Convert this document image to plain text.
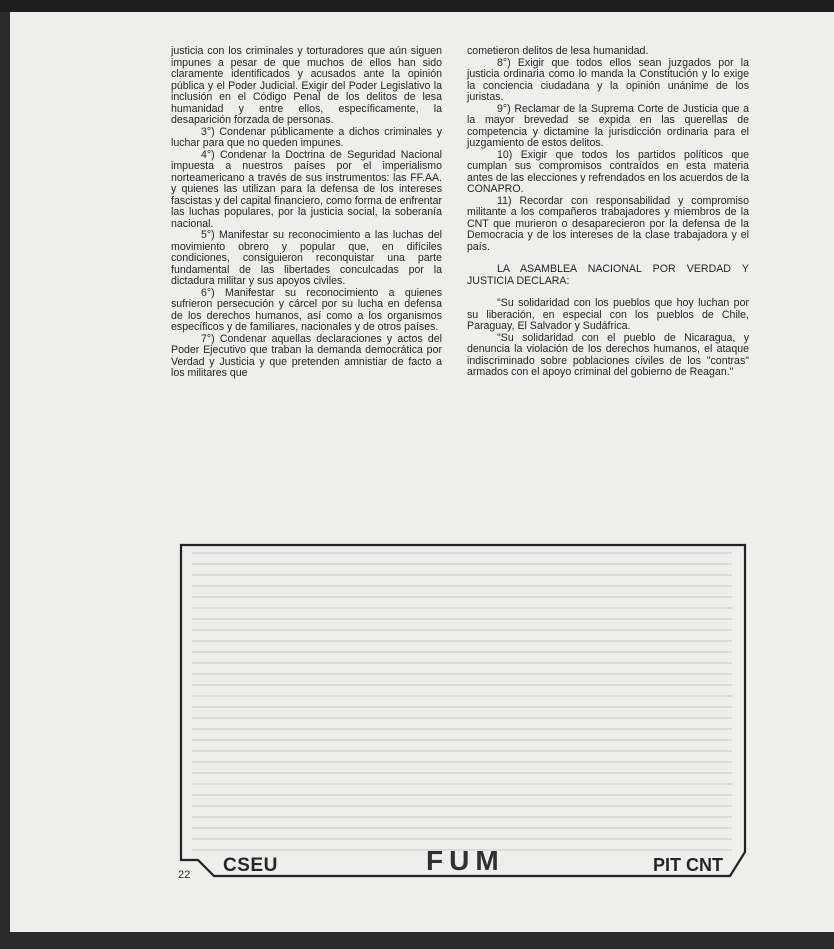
justicia con los criminales y torturadores que aún siguen impunes a pesar de que muchos de ellos han sido claramente identificados y acusados ante la opinión pública y el Poder Judicial. Exigir del Poder Legislativo la inclusión en el Código Penal de los delitos de lesa humanidad y entre ellos, específicamente, la desaparición forzada de personas.

3°) Condenar públicamente a dichos criminales y luchar para que no queden impunes.

4°) Condenar la Doctrina de Seguridad Nacional impuesta a nuestros países por el imperialismo norteamericano a través de sus instrumentos: las FF.AA. y quienes las utilizan para la defensa de los intereses fascistas y del capital financiero, como forma de enfrentar las luchas populares, por la justicia social, la soberanía nacional.

5°) Manifestar su reconocimiento a las luchas del movimiento obrero y popular que, en difíciles condiciones, consiguieron reconquistar una parte fundamental de las libertades conculcadas por la dictadura militar y sus apoyos civiles.

6°) Manifestar su reconocimiento a quienes sufrieron persecución y cárcel por su lucha en defensa de los derechos humanos, así como a los organismos específicos y de familiares, nacionales y de otros países.

7°) Condenar aquellas declaraciones y actos del Poder Ejecutivo que traban la demanda democrática por Verdad y Justicia y que pretenden amnistiar de facto a los militares que

cometieron delitos de lesa humanidad.

8°) Exigir que todos ellos sean juzgados por la justicia ordinaria como lo manda la Constitución y lo exige la conciencia ciudadana y la opinión unánime de los juristas.

9°) Reclamar de la Suprema Corte de Justicia que a la mayor brevedad se expida en las querellas de competencia y dictamine la jurisdicción ordinaria para el juzgamiento de estos delitos.

10) Exigir que todos los partidos políticos que cumplan sus compromisos contraídos en esta materia antes de las elecciones y refrendados en los acuerdos de la CONAPRO.

11) Recordar con responsabilidad y compromiso militante a los compañeros trabajadores y miembros de la CNT que murieron o desaparecieron por la defensa de la Democracia y de los intereses de la clase trabajadora y el país.

LA ASAMBLEA NACIONAL POR VERDAD Y JUSTICIA DECLARA:

"Su solidaridad con los pueblos que hoy luchan por su liberación, en especial con los pueblos de Chile, Paraguay, El Salvador y Sudáfrica.

"Su solidaridad con el pueblo de Nicaragua, y denuncia la violación de los derechos humanos, el ataque indiscriminado sobre poblaciones civiles de los "contras" armados con el apoyo criminal del gobierno de Reagan."

CSEU	FUM	PIT CNT
22
